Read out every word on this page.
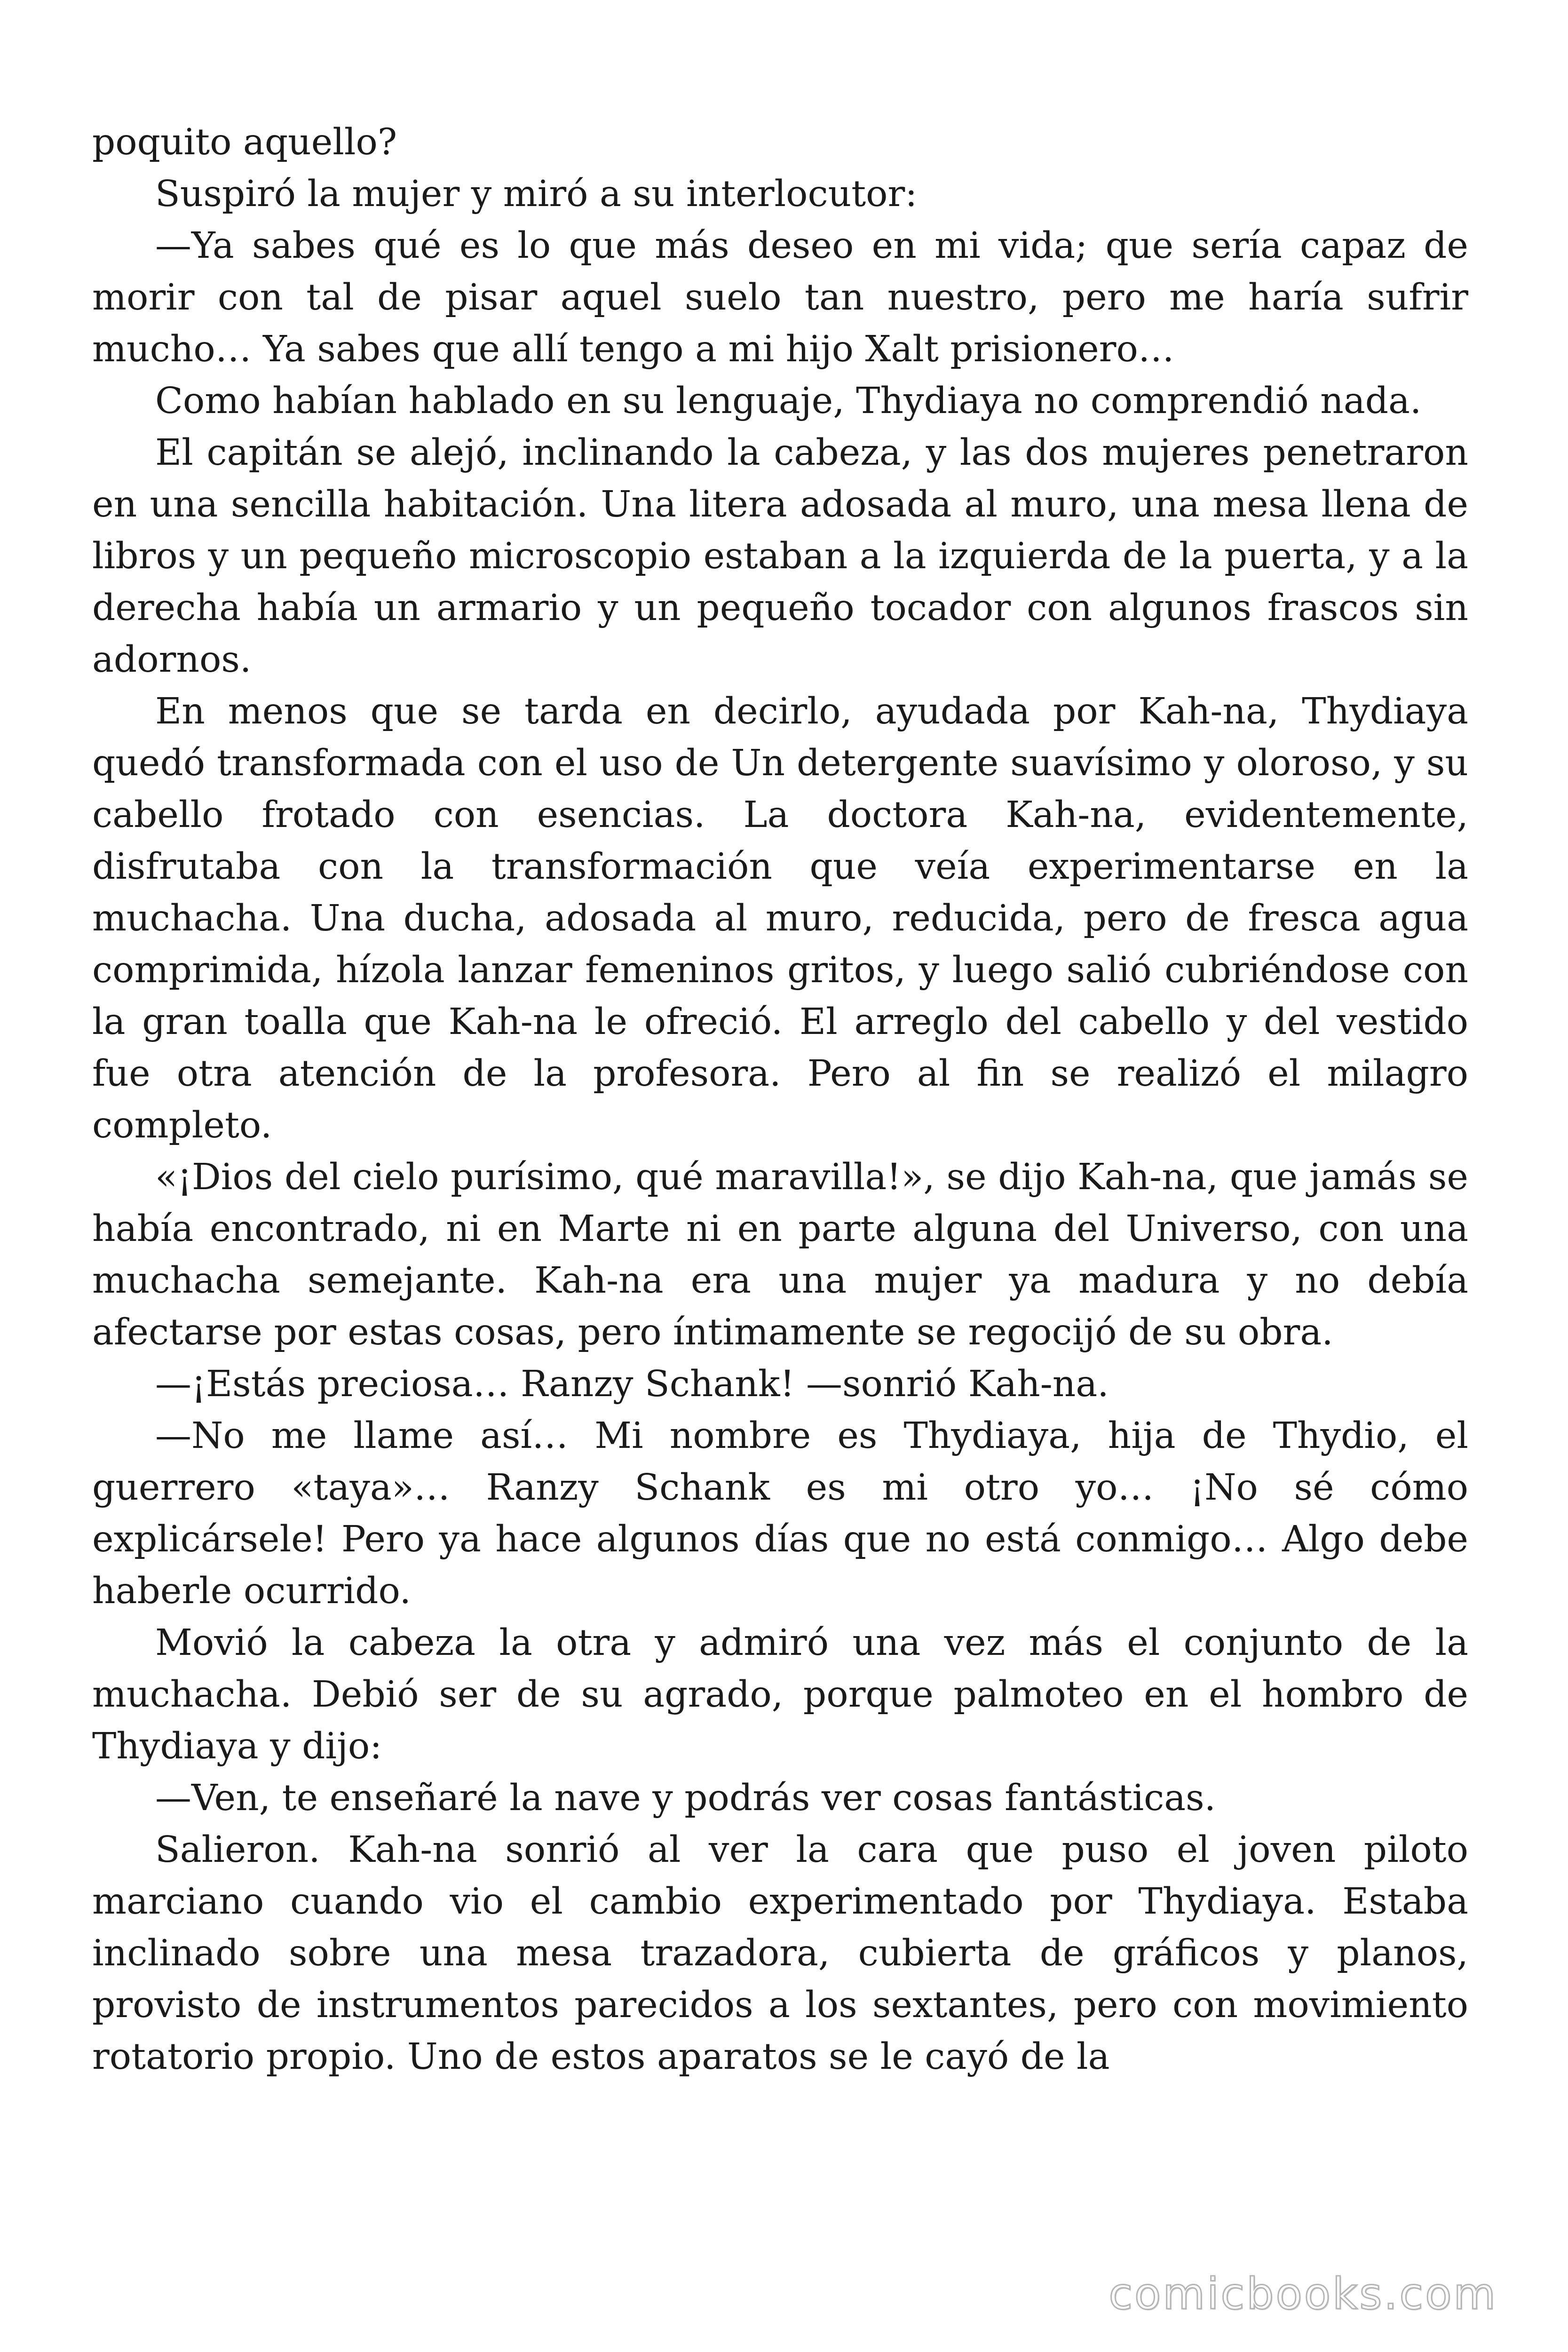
poquito aquello?

Suspiró la mujer y miró a su interlocutor:

—Ya sabes qué es lo que más deseo en mi vida; que sería capaz de morir con tal de pisar aquel suelo tan nuestro, pero me haría sufrir mucho… Ya sabes que allí tengo a mi hijo Xalt prisionero…

Como habían hablado en su lenguaje, Thydiaya no comprendió nada.

El capitán se alejó, inclinando la cabeza, y las dos mujeres penetraron en una sencilla habitación. Una litera adosada al muro, una mesa llena de libros y un pequeño microscopio estaban a la izquierda de la puerta, y a la derecha había un armario y un pequeño tocador con algunos frascos sin adornos.

En menos que se tarda en decirlo, ayudada por Kah-na, Thydiaya quedó transformada con el uso de Un detergente suavísimo y oloroso, y su cabello frotado con esencias. La doctora Kah-na, evidentemente, disfrutaba con la transformación que veía experimentarse en la muchacha. Una ducha, adosada al muro, reducida, pero de fresca agua comprimida, hízola lanzar femeninos gritos, y luego salió cubriéndose con la gran toalla que Kah-na le ofreció. El arreglo del cabello y del vestido fue otra atención de la profesora. Pero al fin se realizó el milagro completo.

«¡Dios del cielo purísimo, qué maravilla!», se dijo Kah-na, que jamás se había encontrado, ni en Marte ni en parte alguna del Universo, con una muchacha semejante. Kah-na era una mujer ya madura y no debía afectarse por estas cosas, pero íntimamente se regocijó de su obra.

—¡Estás preciosa… Ranzy Schank! —sonrió Kah-na.

—No me llame así… Mi nombre es Thydiaya, hija de Thydio, el guerrero «taya»… Ranzy Schank es mi otro yo… ¡No sé cómo explicársele! Pero ya hace algunos días que no está conmigo… Algo debe haberle ocurrido.

Movió la cabeza la otra y admiró una vez más el conjunto de la muchacha. Debió ser de su agrado, porque palmoteo en el hombro de Thydiaya y dijo:

—Ven, te enseñaré la nave y podrás ver cosas fantásticas.

Salieron. Kah-na sonrió al ver la cara que puso el joven piloto marciano cuando vio el cambio experimentado por Thydiaya. Estaba inclinado sobre una mesa trazadora, cubierta de gráficos y planos, provisto de instrumentos parecidos a los sextantes, pero con movimiento rotatorio propio. Uno de estos aparatos se le cayó de la

comicbooks.com
